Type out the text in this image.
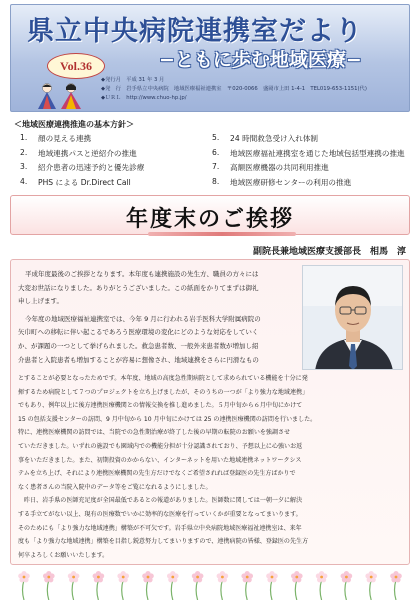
県立中央病院連携室だより
−ともに歩む地域医療−
Vol.36
◆発行月　平成 31 年 3 月
◆発　行　岩手県立中央病院　地域医療福祉連携室　〒020-0066　盛岡市上田 1-4-1　TEL019-653-1151(代)
◆ＵＲＬ　http://www.chuo-hp.jp/
＜地域医療連携推進の基本方針＞
1.	顔の見える連携
2.	地域連携パスと逆紹介の推進
3.	紹介患者の迅速予約と優先診療
4.	PHS による Dr.Direct Call
5.	24 時間救急受け入れ体制
6.	地域医療福祉連携室を通じた地域包括型連携の推進
7.	高額医療機器の共同利用推進
8.	地域医療研修センターの利用の推進
年度末のご挨拶
副院長兼地域医療支援部長　相馬　淳
平成年度最後のご挨拶となります。本年度も連携施設の先生方、職員の方々には
大変お世話になりました。ありがとうございました。この紙面をかりてまずは御礼
申し上げます。
今年度の地域医療福祉連携室では、今年 9 月に行われる岩手医科大学附属病院の
矢巾町への移転に伴い起こるであろう医療環境の変化にどのような対応をしていく
か、が課題の一つとして挙げられました。救急患者数、一般外来患者数が増加し紹
介患者と入院患者も増加することが容易に想像され、地域連携をさらに円滑なもの
とすることが必要となったためです。本年度、地域の高度急性期病院として求められている機能を十分に発
揮するため病院として７つのプロジェクトを立ち上げましたが、そのうちの一つが「より強力な地域連携」
でもあり、例年以上に後方連携医療機関との情報交換を推し進めました。５月中旬から６月中旬にかけて
15 の包括支援センターの訪問、9 月中旬から 10 月中旬にかけては 25 の連携医療機関の訪問を行いました。
特に、連携医療機関の訪問では、当院での急性期治療が終了した後の早期の転院のお願いを強調させ
ていただきました。いずれの施設でも園域内での機能分担が十分認識されており、予想以上に心強いお返
事をいただきました。また、初期投資のかからない、インターネットを用いた地域連携ネットワークシス
テムを立ち上げ、それにより連携医療機関の先生方だけでなくご希望されれば登録医の先生方ばかりで
なく患者さんの当院入院中のデータ等をご覧になれるようにしました。
昨日、岩手県の医師充足度が全国最低であるとの報道がありました。医師数に関しては一朝一夕に解決
する手立てがない以上、現有の医療数でいかに効率的な医療を行っていくかが重要となってまいります。
そのためにも「より強力な地域連携」構築が不可欠です。岩手県立中央病院地域医療福祉連携室は、来年
度も「より強力な地域連携」構築を目指し鋭意努力してまいりますので、連携病院の皆様、登録医の先生方
何卒よろしくお願いいたします。
